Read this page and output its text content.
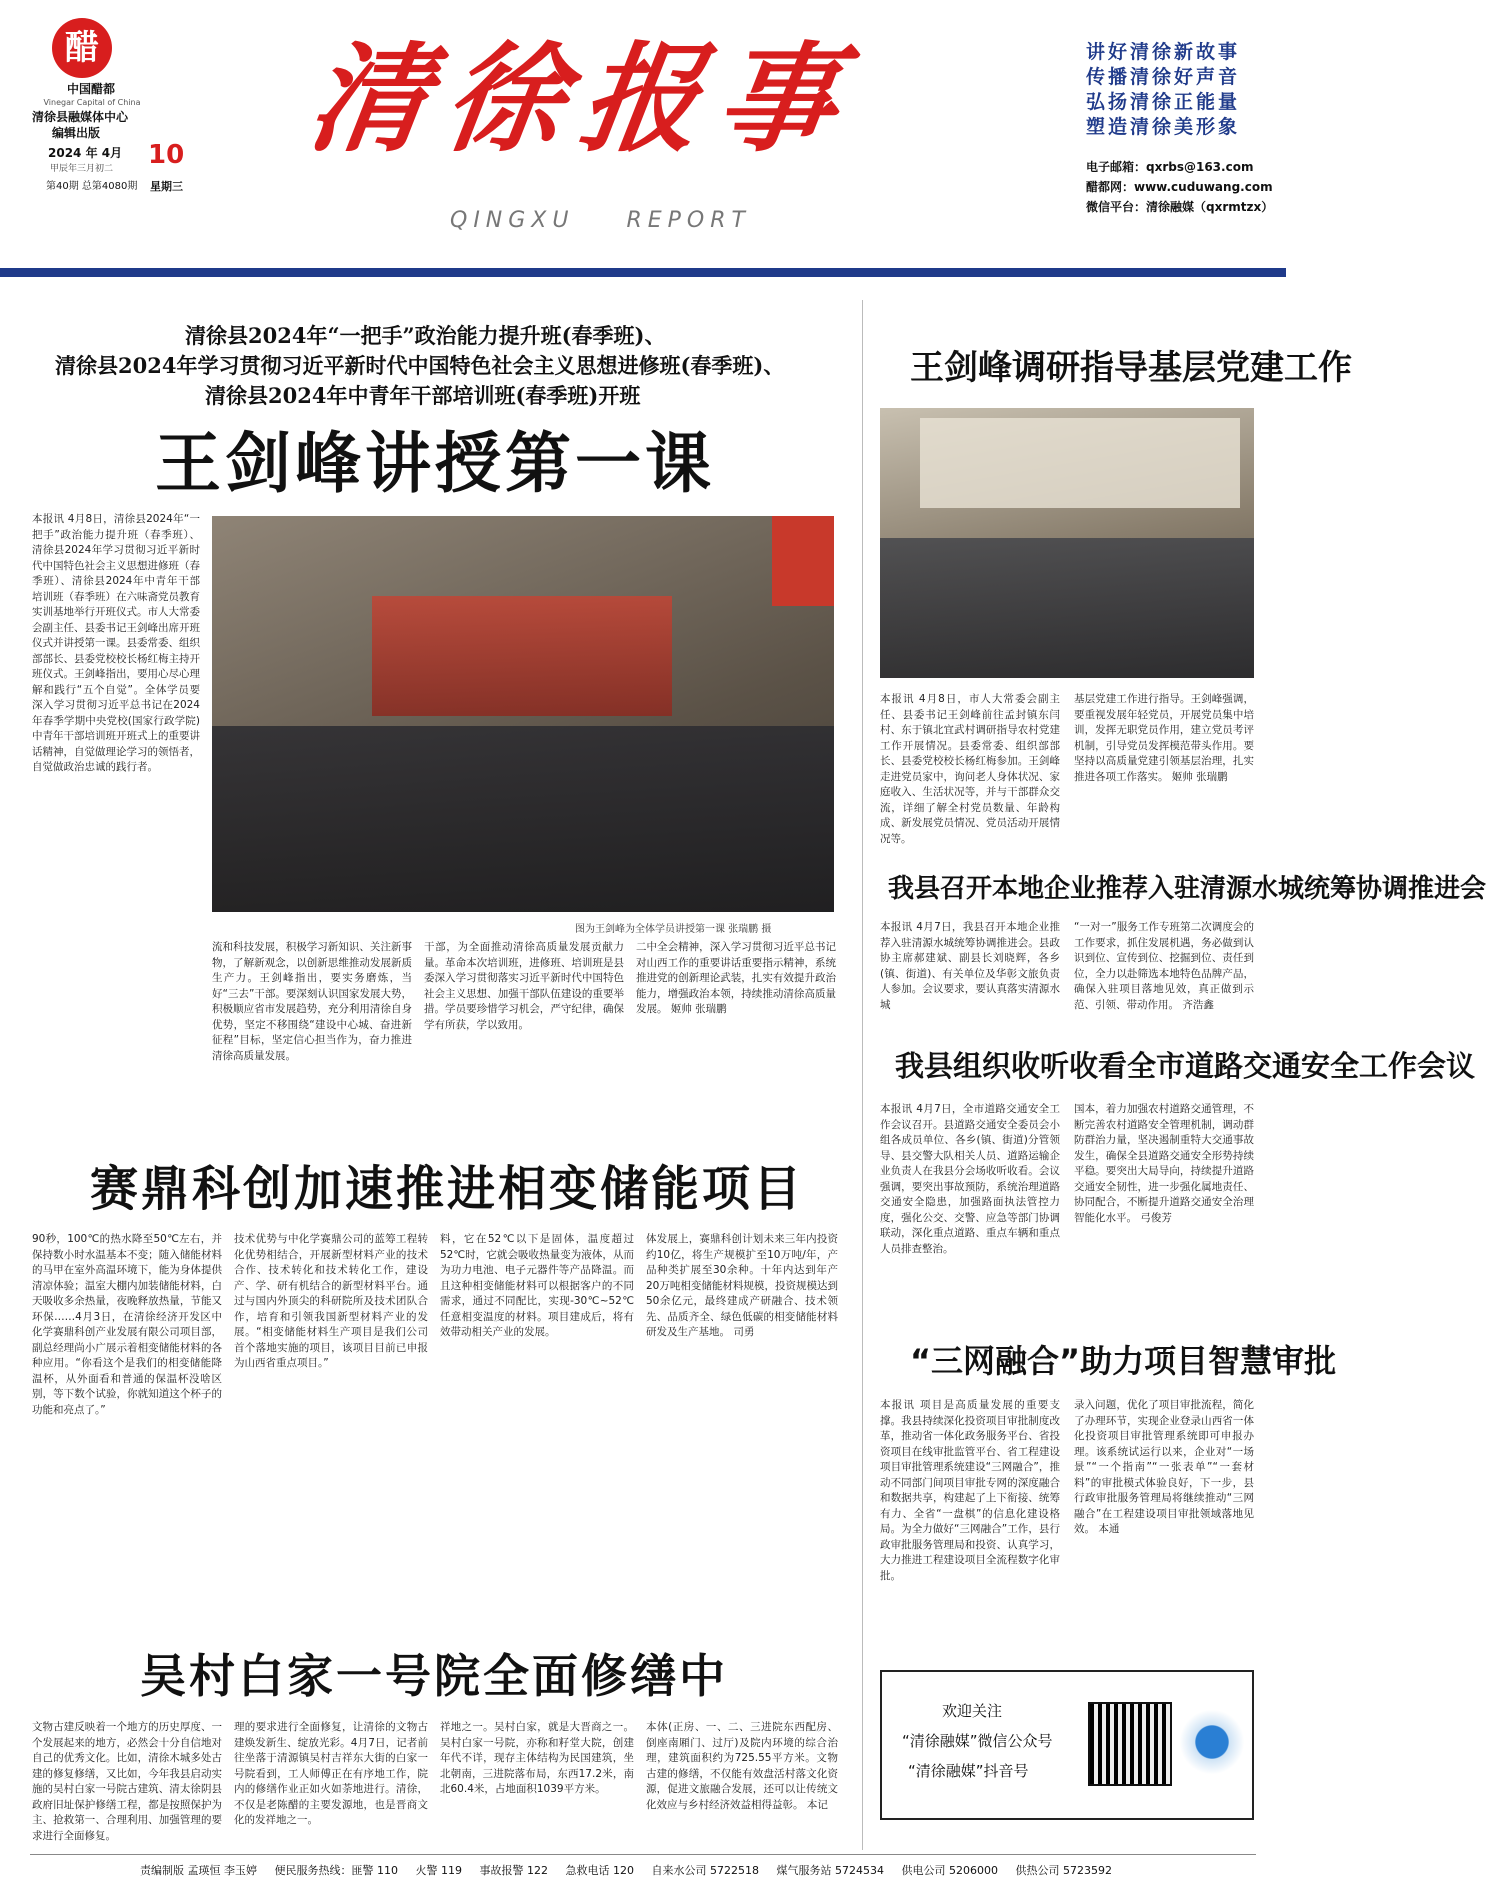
醋
中国醋都
Vinegar Capital of China
清徐县融媒体中心
编辑出版
2024 年 4月
甲辰年三月初二 10
第40期 总第4080期 星期三
清徐报事
QINGXU    REPORT
讲好清徐新故事
传播清徐好声音
弘扬清徐正能量
塑造清徐美形象
电子邮箱：qxrbs@163.com
醋都网：www.cuduwang.com
微信平台：清徐融媒（qxrmtzx）
清徐县2024年“一把手”政治能力提升班(春季班)、
清徐县2024年学习贯彻习近平新时代中国特色社会主义思想进修班(春季班)、
清徐县2024年中青年干部培训班(春季班)开班
王剑峰讲授第一课
本报讯 4月8日，清徐县2024年“一把手”政治能力提升班（春季班）、清徐县2024年学习贯彻习近平新时代中国特色社会主义思想进修班（春季班）、清徐县2024年中青年干部培训班（春季班）在六味斋党员教育实训基地举行开班仪式。市人大常委会副主任、县委书记王剑峰出席开班仪式并讲授第一课。县委常委、组织部部长、县委党校校长杨红梅主持开班仪式。王剑峰指出，要用心尽心理解和践行“五个自觉”。全体学员要深入学习贯彻习近平总书记在2024年春季学期中央党校(国家行政学院)中青年干部培训班开班式上的重要讲话精神，自觉做理论学习的领悟者，自觉做政治忠诚的践行者。
图为王剑峰为全体学员讲授第一课 张瑞鹏 摄
流和科技发展，积极学习新知识、关注新事物，了解新观念，以创新思维推动发展新质生产力。王剑峰指出，要实务磨炼，当好“三去”干部。要深刻认识国家发展大势，积极顺应省市发展趋势，充分利用清徐自身优势，坚定不移围绕“建设中心城、奋进新征程”目标，坚定信心担当作为，奋力推进清徐高质量发展。
干部，为全面推动清徐高质量发展贡献力量。革命本次培训班，进修班、培训班是县委深入学习贯彻落实习近平新时代中国特色社会主义思想、加强干部队伍建设的重要举措。学员要珍惜学习机会，严守纪律，确保学有所获，学以致用。
二中全会精神，深入学习贯彻习近平总书记对山西工作的重要讲话重要指示精神，系统推进党的创新理论武装，扎实有效提升政治能力，增强政治本领，持续推动清徐高质量发展。 姬帅 张瑞鹏
赛鼎科创加速推进相变储能项目
90秒，100℃的热水降至50℃左右，并保持数小时水温基本不变；随入储能材料的马甲在室外高温环境下，能为身体提供清凉体验；温室大棚内加装储能材料，白天吸收多余热量，夜晚释放热量，节能又环保……4月3日，在清徐经济开发区中化学赛鼎科创产业发展有限公司项目部，副总经理尚小广展示着相变储能材料的各种应用。“你看这个是我们的相变储能降温杯，从外面看和普通的保温杯没啥区别，等下数个试验，你就知道这个杯子的功能和亮点了。”
技术优势与中化学赛鼎公司的蓝筹工程转化优势相结合，开展新型材料产业的技术合作、技术转化和技术转化工作，建设产、学、研有机结合的新型材料平台。通过与国内外顶尖的科研院所及技术团队合作，培育和引领我国新型材料产业的发展。“相变储能材料生产项目是我们公司首个落地实施的项目，该项目目前已申报为山西省重点项目。”
料，它在52℃以下是固体，温度超过52℃时，它就会吸收热量变为液体，从而为功力电池、电子元器件等产品降温。而且这种相变储能材料可以根据客户的不同需求，通过不同配比，实现-30℃~52℃任意相变温度的材料。项目建成后，将有效带动相关产业的发展。
体发展上，赛鼎科创计划未来三年内投资约10亿，将生产规模扩至10万吨/年，产品种类扩展至30余种。十年内达到年产20万吨相变储能材料规模，投资规模达到50余亿元，最终建成产研融合、技术领先、品质齐全、绿色低碳的相变储能材料研发及生产基地。 司勇
吴村白家一号院全面修缮中
文物古建反映着一个地方的历史厚度、一个发展起来的地方，必然会十分自信地对自己的优秀文化。比如，清徐木城多处古建的修复修缮，又比如，今年我县启动实施的吴村白家一号院古建筑、清太徐阴县政府旧址保护修缮工程，都是按照保护为主、抢救第一、合理利用、加强管理的要求进行全面修复。
理的要求进行全面修复，让清徐的文物古建焕发新生、绽放光彩。4月7日，记者前往坐落于清源镇吴村吉祥东大街的白家一号院看到，工人师傅正在有序地工作，院内的修缮作业正如火如荼地进行。清徐，不仅是老陈醋的主要发源地，也是晋商文化的发祥地之一。
祥地之一。吴村白家，就是大晋商之一。吴村白家一号院，亦称和籽堂大院，创建年代不详，现存主体结构为民国建筑，坐北朝南，三进院落布局，东西17.2米，南北60.4米，占地面积1039平方米。
本体(正房、一、二、三进院东西配房、倒座南厢门、过厅)及院内环境的综合治理，建筑面积约为725.55平方米。文物古建的修缮，不仅能有效盘活村落文化资源，促进文旅融合发展，还可以让传统文化效应与乡村经济效益相得益彰。 本记
王剑峰调研指导基层党建工作
本报讯 4月8日，市人大常委会副主任、县委书记王剑峰前往孟封镇东闫村、东于镇北宜武村调研指导农村党建工作开展情况。县委常委、组织部部长、县委党校校长杨红梅参加。王剑峰走进党员家中，询问老人身体状况、家庭收入、生活状况等，并与干部群众交流，详细了解全村党员数量、年龄构成、新发展党员情况、党员活动开展情况等。
基层党建工作进行指导。王剑峰强调，要重视发展年轻党员，开展党员集中培训，发挥无职党员作用，建立党员考评机制，引导党员发挥模范带头作用。要坚持以高质量党建引领基层治理，扎实推进各项工作落实。 姬帅 张瑞鹏
我县召开本地企业推荐入驻清源水城统筹协调推进会
本报讯 4月7日，我县召开本地企业推荐入驻清源水城统筹协调推进会。县政协主席郝建斌、副县长刘晓辉，各乡(镇、街道)、有关单位及华彰文旅负责人参加。会议要求，要认真落实清源水城
“一对一”服务工作专班第二次调度会的工作要求，抓住发展机遇，务必做到认识到位、宣传到位、挖掘到位、责任到位，全力以赴筛选本地特色品牌产品，确保入驻项目落地见效，真正做到示范、引领、带动作用。 齐浩鑫
我县组织收听收看全市道路交通安全工作会议
本报讯 4月7日，全市道路交通安全工作会议召开。县道路交通安全委员会小组各成员单位、各乡(镇、街道)分管领导、县交警大队相关人员、道路运输企业负责人在我县分会场收听收看。会议强调，要突出事故预防，系统治理道路交通安全隐患，加强路面执法管控力度，强化公交、交警、应急等部门协调联动，深化重点道路、重点车辆和重点人员排查整治。
国本，着力加强农村道路交通管理，不断完善农村道路安全管理机制，调动群防群治力量，坚决遏制重特大交通事故发生，确保全县道路交通安全形势持续平稳。要突出大局导向，持续提升道路交通安全韧性，进一步强化属地责任、协同配合，不断提升道路交通安全治理智能化水平。 弓俊芳
“三网融合”助力项目智慧审批
本报讯 项目是高质量发展的重要支撑。我县持续深化投资项目审批制度改革，推动省一体化政务服务平台、省投资项目在线审批监管平台、省工程建设项目审批管理系统建设“三网融合”，推动不同部门间项目审批专网的深度融合和数据共享，构建起了上下衔接、统筹有力、全省“一盘棋”的信息化建设格局。为全力做好“三网融合”工作，县行政审批服务管理局和投资、认真学习，大力推进工程建设项目全流程数字化审批。
录入问题，优化了项目审批流程，简化了办理环节，实现企业登录山西省一体化投资项目审批管理系统即可申报办理。该系统试运行以来，企业对“一场景”“一个指南”“一张表单”“一套材料”的审批模式体验良好，下一步，县行政审批服务管理局将继续推动“三网融合”在工程建设项目审批领域落地见效。 本通
欢迎关注
“清徐融媒”微信公众号
“清徐融媒”抖音号
责编制版 孟瑛恒 李玉婷 便民服务热线：匪警 110 火警 119 事故报警 122 急救电话 120 自来水公司 5722518 煤气服务站 5724534 供电公司 5206000 供热公司 5723592
